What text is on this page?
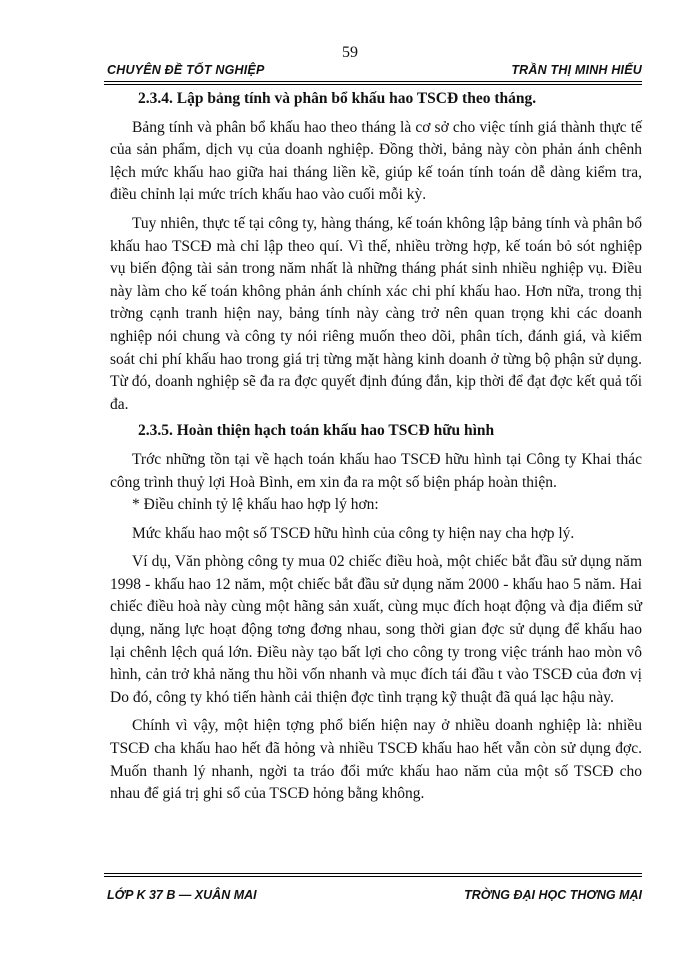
59
CHUYÊN ĐỀ TỐT NGHIỆP	TRẦN THỊ MINH HIẾU
2.3.4. Lập bảng tính và phân bổ khấu hao TSCĐ theo tháng.

Bảng tính và phân bổ khấu hao theo tháng là cơ sở cho việc tính giá thành thực tế của sản phẩm, dịch vụ của doanh nghiệp. Đồng thời, bảng này còn phản ánh chênh lệch mức khấu hao giữa hai tháng liền kề, giúp kế toán tính toán dễ dàng kiểm tra, điều chỉnh lại mức trích khấu hao vào cuối mỗi kỳ.

Tuy nhiên, thực tế tại công ty, hàng tháng, kế toán không lập bảng tính và phân bổ khấu hao TSCĐ mà chỉ lập theo quí. Vì thế, nhiều trờng hợp, kế toán bỏ sót nghiệp vụ biến động tài sản trong năm nhất là những tháng phát sinh nhiều nghiệp vụ. Điều này làm cho kế toán không phản ánh chính xác chi phí khấu hao. Hơn nữa, trong thị trờng cạnh tranh hiện nay, bảng tính này càng trở nên quan trọng khi các doanh nghiệp nói chung và công ty nói riêng muốn theo dõi, phân tích, đánh giá, và kiểm soát chi phí khấu hao trong giá trị từng mặt hàng kinh doanh ở từng bộ phận sử dụng. Từ đó, doanh nghiệp sẽ đa ra đợc quyết định đúng đắn, kịp thời để đạt đợc kết quả tối đa.

2.3.5. Hoàn thiện hạch toán khấu hao TSCĐ hữu hình

Trớc những tồn tại về hạch toán khấu hao TSCĐ hữu hình tại Công ty Khai thác công trình thuỷ lợi Hoà Bình, em xin đa ra một số biện pháp hoàn thiện.

* Điều chỉnh tỷ lệ khấu hao hợp lý hơn:

Mức khấu hao một số TSCĐ hữu hình của công ty hiện nay cha hợp lý.

Ví dụ, Văn phòng công ty mua 02 chiếc điều hoà, một chiếc bắt đầu sử dụng năm 1998 - khấu hao 12 năm, một chiếc bắt đầu sử dụng năm 2000 - khấu hao 5 năm. Hai chiếc điều hoà này cùng một hãng sản xuất, cùng mục đích hoạt động và địa điểm sử dụng, năng lực hoạt động tơng đơng nhau, song thời gian đợc sử dụng để khấu hao lại chênh lệch quá lớn. Điều này tạo bất lợi cho công ty trong việc tránh hao mòn vô hình, cản trở khả năng thu hồi vốn nhanh và mục đích tái đầu t vào TSCĐ của đơn vị Do đó, công ty khó tiến hành cải thiện đợc tình trạng kỹ thuật đã quá lạc hậu này.

Chính vì vậy, một hiện tợng phổ biến hiện nay ở nhiều doanh nghiệp là: nhiều TSCĐ cha khấu hao hết đã hỏng và nhiều TSCĐ khấu hao hết vẫn còn sử dụng đợc. Muốn thanh lý nhanh, ngời ta tráo đổi mức khấu hao năm của một số TSCĐ cho nhau để giá trị ghi sổ của TSCĐ hỏng bằng không.

LỚP K 37 B — XUÂN MAI	TRỜNG ĐẠI HỌC THƠNG MẠI
